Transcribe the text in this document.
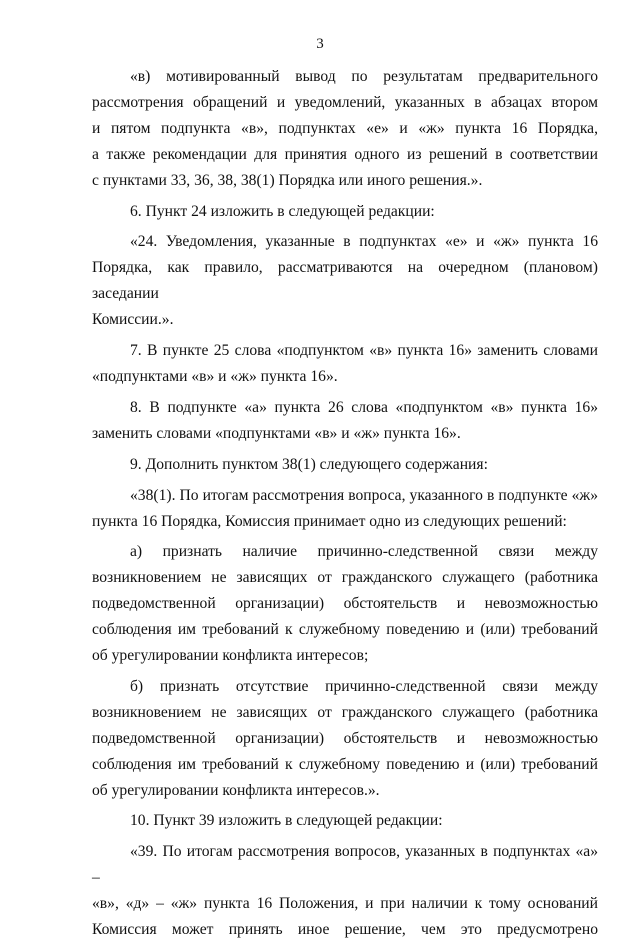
3

«в) мотивированный вывод по результатам предварительного

рассмотрения обращений и уведомлений, указанных в абзацах втором

и пятом подпункта «в», подпунктах «е» и «ж» пункта 16 Порядка,

а также рекомендации для принятия одного из решений в соответствии

с пунктами 33, 36, 38, 38(1) Порядка или иного решения.».

6. Пункт 24 изложить в следующей редакции:

«24. Уведомления, указанные в подпунктах «е» и «ж» пункта 16

Порядка, как правило, рассматриваются на очередном (плановом) заседании

Комиссии.».

7. В пункте 25 слова «подпунктом «в» пункта 16» заменить словами

«подпунктами «в» и «ж» пункта 16».

8. В подпункте «а» пункта 26 слова «подпунктом «в» пункта 16»

заменить словами «подпунктами «в» и «ж» пункта 16».

9. Дополнить пунктом 38(1) следующего содержания:

«38(1). По итогам рассмотрения вопроса, указанного в подпункте «ж»

пункта 16 Порядка, Комиссия принимает одно из следующих решений:

а) признать наличие причинно-следственной связи между

возникновением не зависящих от гражданского служащего (работника

подведомственной организации) обстоятельств и невозможностью

соблюдения им требований к служебному поведению и (или) требований

об урегулировании конфликта интересов;

б) признать отсутствие причинно-следственной связи между

возникновением не зависящих от гражданского служащего (работника

подведомственной организации) обстоятельств и невозможностью

соблюдения им требований к служебному поведению и (или) требований

об урегулировании конфликта интересов.».

10. Пункт 39 изложить в следующей редакции:

«39. По итогам рассмотрения вопросов, указанных в подпунктах «а» –

«в», «д» – «ж» пункта 16 Положения, и при наличии к тому оснований

Комиссия может принять иное решение, чем это предусмотрено
